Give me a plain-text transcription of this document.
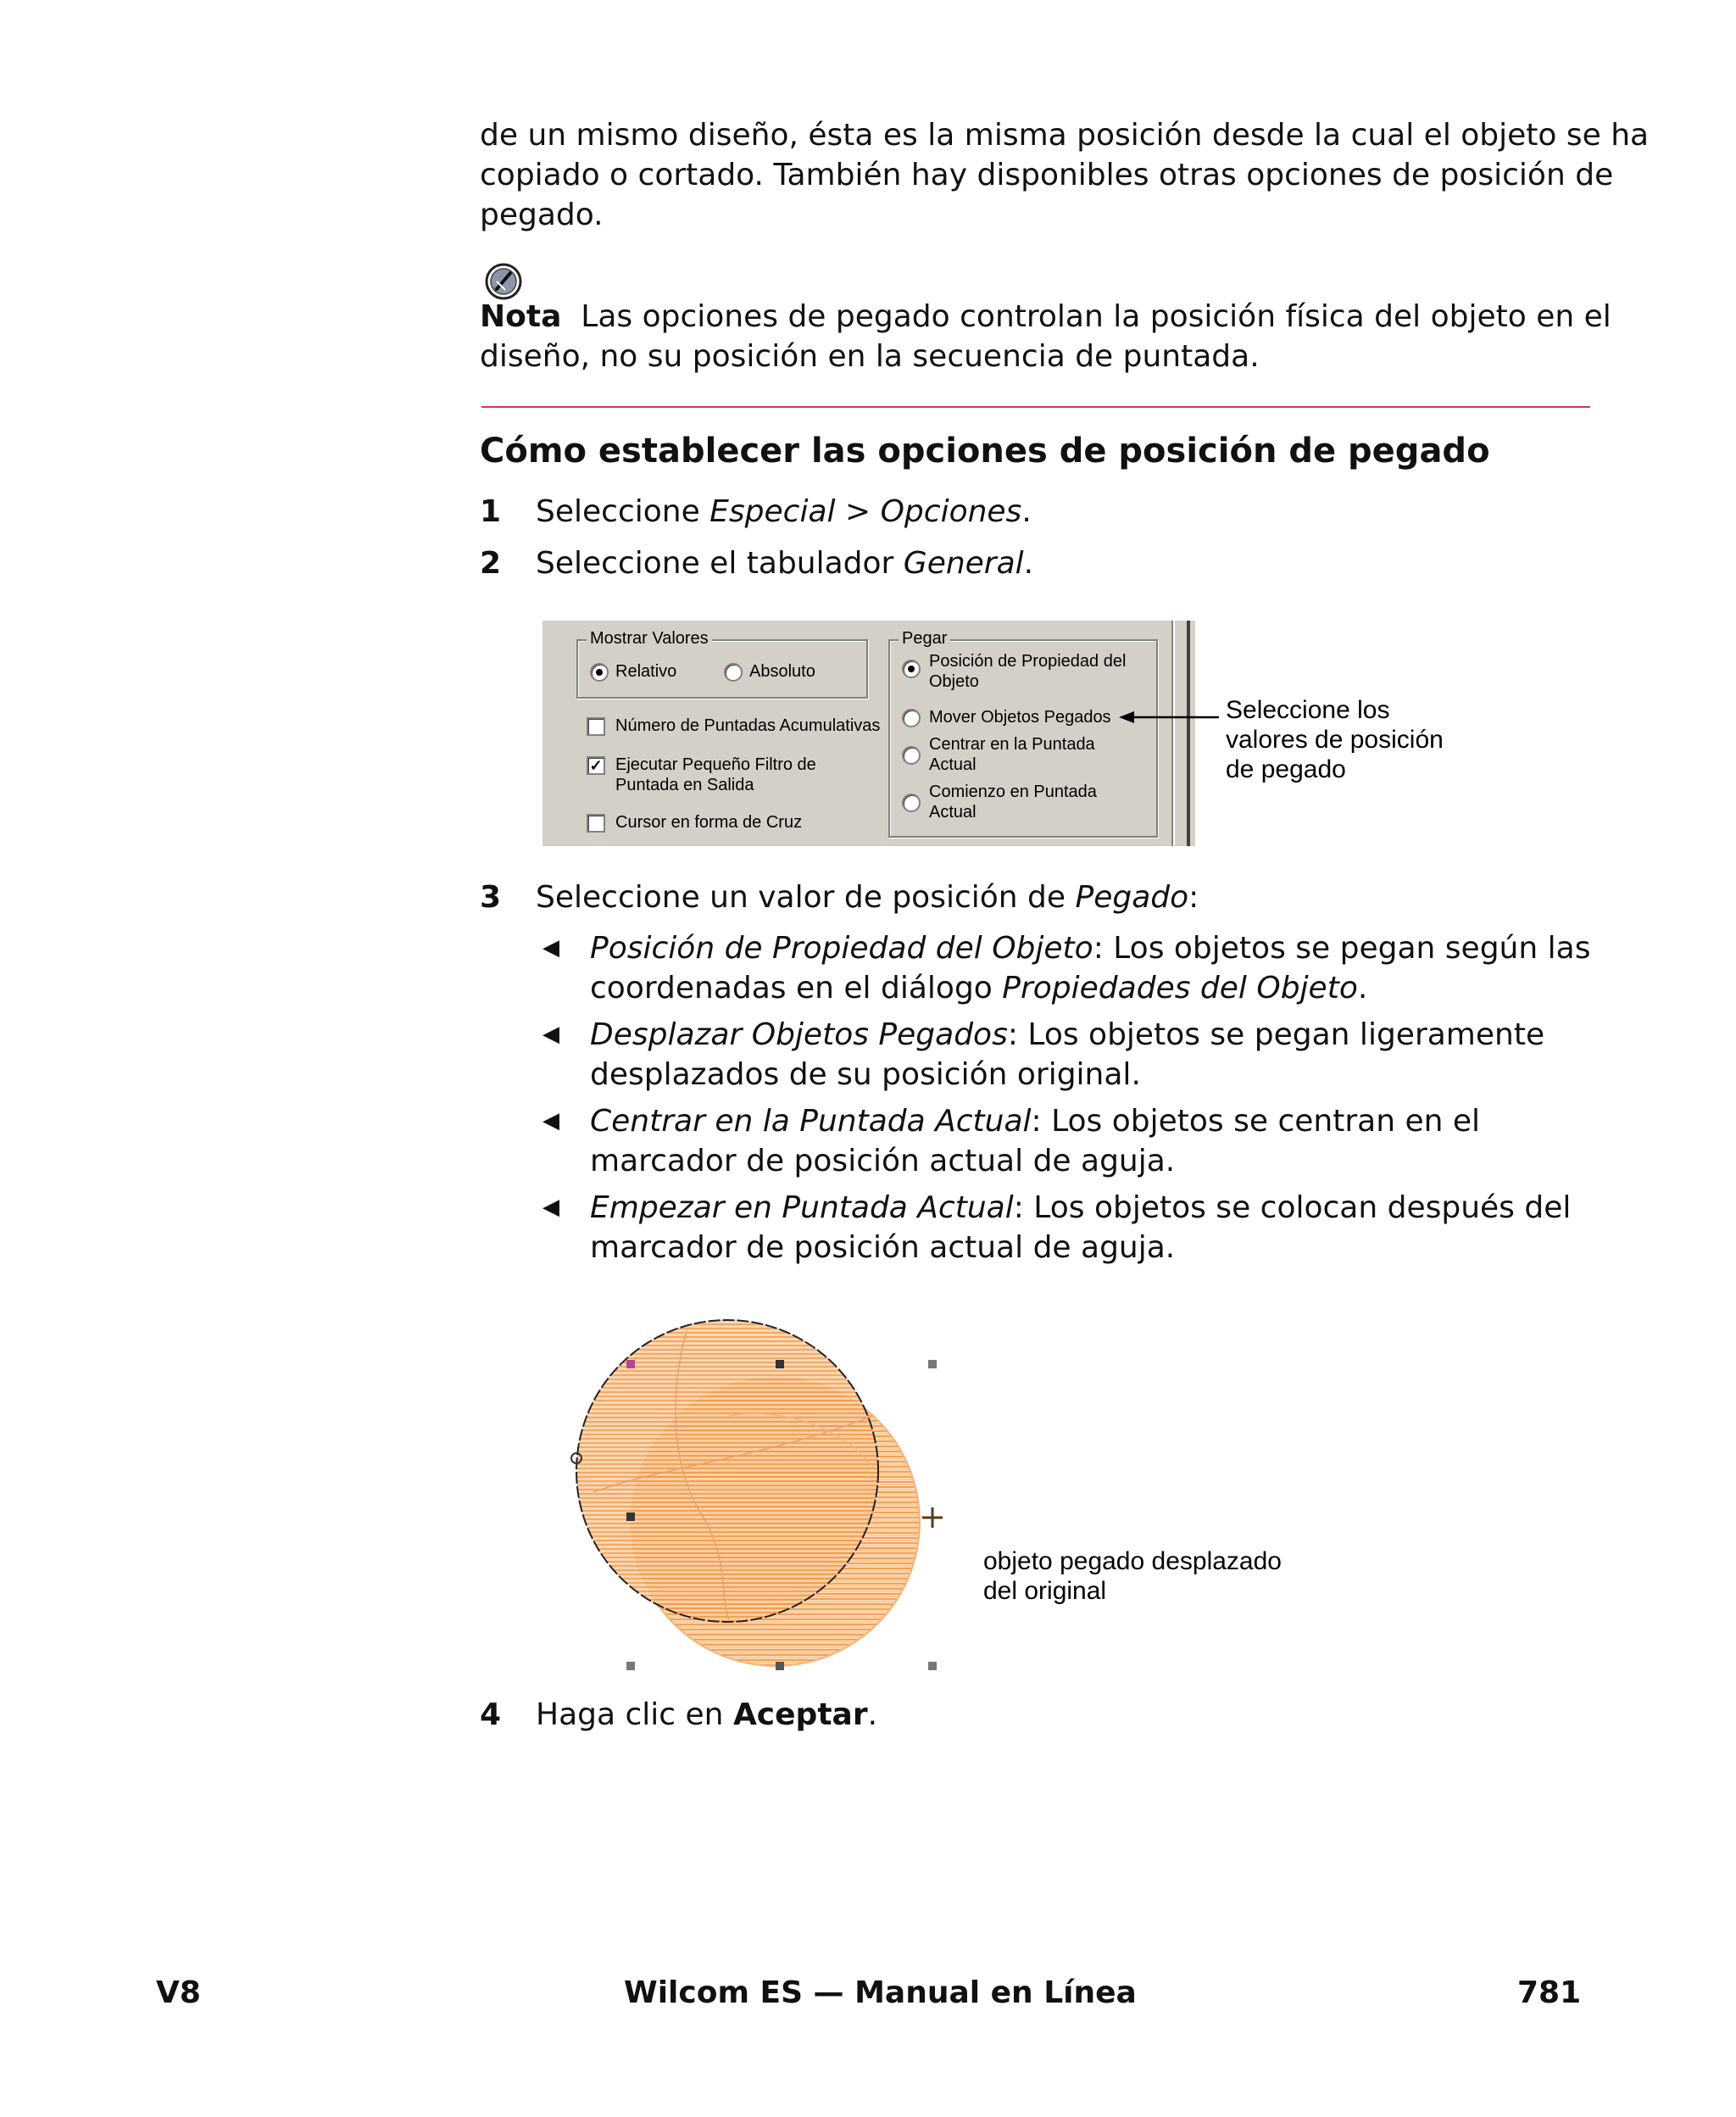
de un mismo diseño, ésta es la misma posición desde la cual el objeto se ha
copiado o cortado. También hay disponibles otras opciones de posición de
pegado.
Nota Las opciones de pegado controlan la posición física del objeto en el
diseño, no su posición en la secuencia de puntada.
Cómo establecer las opciones de posición de pegado
1 Seleccione Especial > Opciones.
2 Seleccione el tabulador General.
Mostrar Valores
Relativo	Absoluto
Número de Puntadas Acumulativas
✓ Ejecutar Pequeño Filtro de
Puntada en Salida
Cursor en forma de Cruz
Pegar
Posición de Propiedad del
Objeto
Mover Objetos Pegados
Centrar en la Puntada
Actual
Comienzo en Puntada
Actual
Seleccione los
valores de posición
de pegado
3 Seleccione un valor de posición de Pegado:
◀ Posición de Propiedad del Objeto: Los objetos se pegan según las
coordenadas en el diálogo Propiedades del Objeto.
◀ Desplazar Objetos Pegados: Los objetos se pegan ligeramente
desplazados de su posición original.
◀ Centrar en la Puntada Actual: Los objetos se centran en el
marcador de posición actual de aguja.
◀ Empezar en Puntada Actual: Los objetos se colocan después del
marcador de posición actual de aguja.
objeto pegado desplazado
del original
4 Haga clic en Aceptar.
V8	Wilcom ES — Manual en Línea	781
